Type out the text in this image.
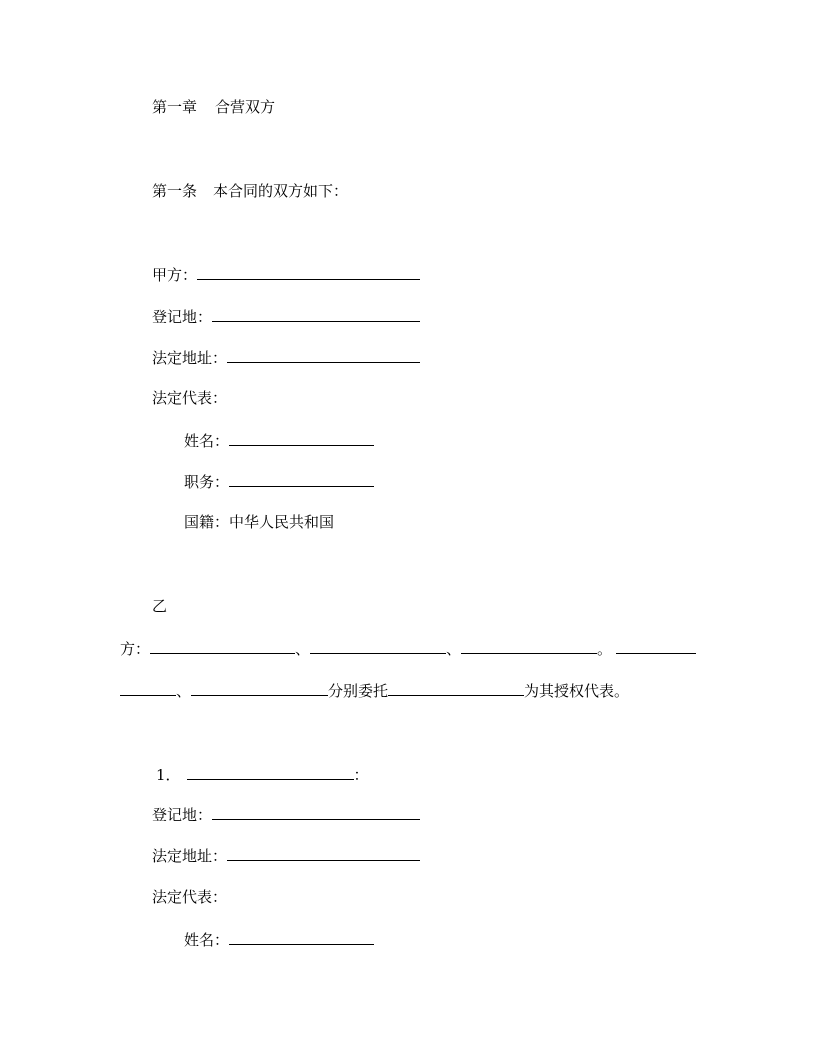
第一章 合营双方
第一条 本合同的双方如下：
甲方：
登记地：
法定地址：
法定代表：
姓名：
职务：
国籍：中华人民共和国
乙
方：	、	、	。
、	分别委托	为其授权代表。
1．	：
登记地：
法定地址：
法定代表：
姓名：
